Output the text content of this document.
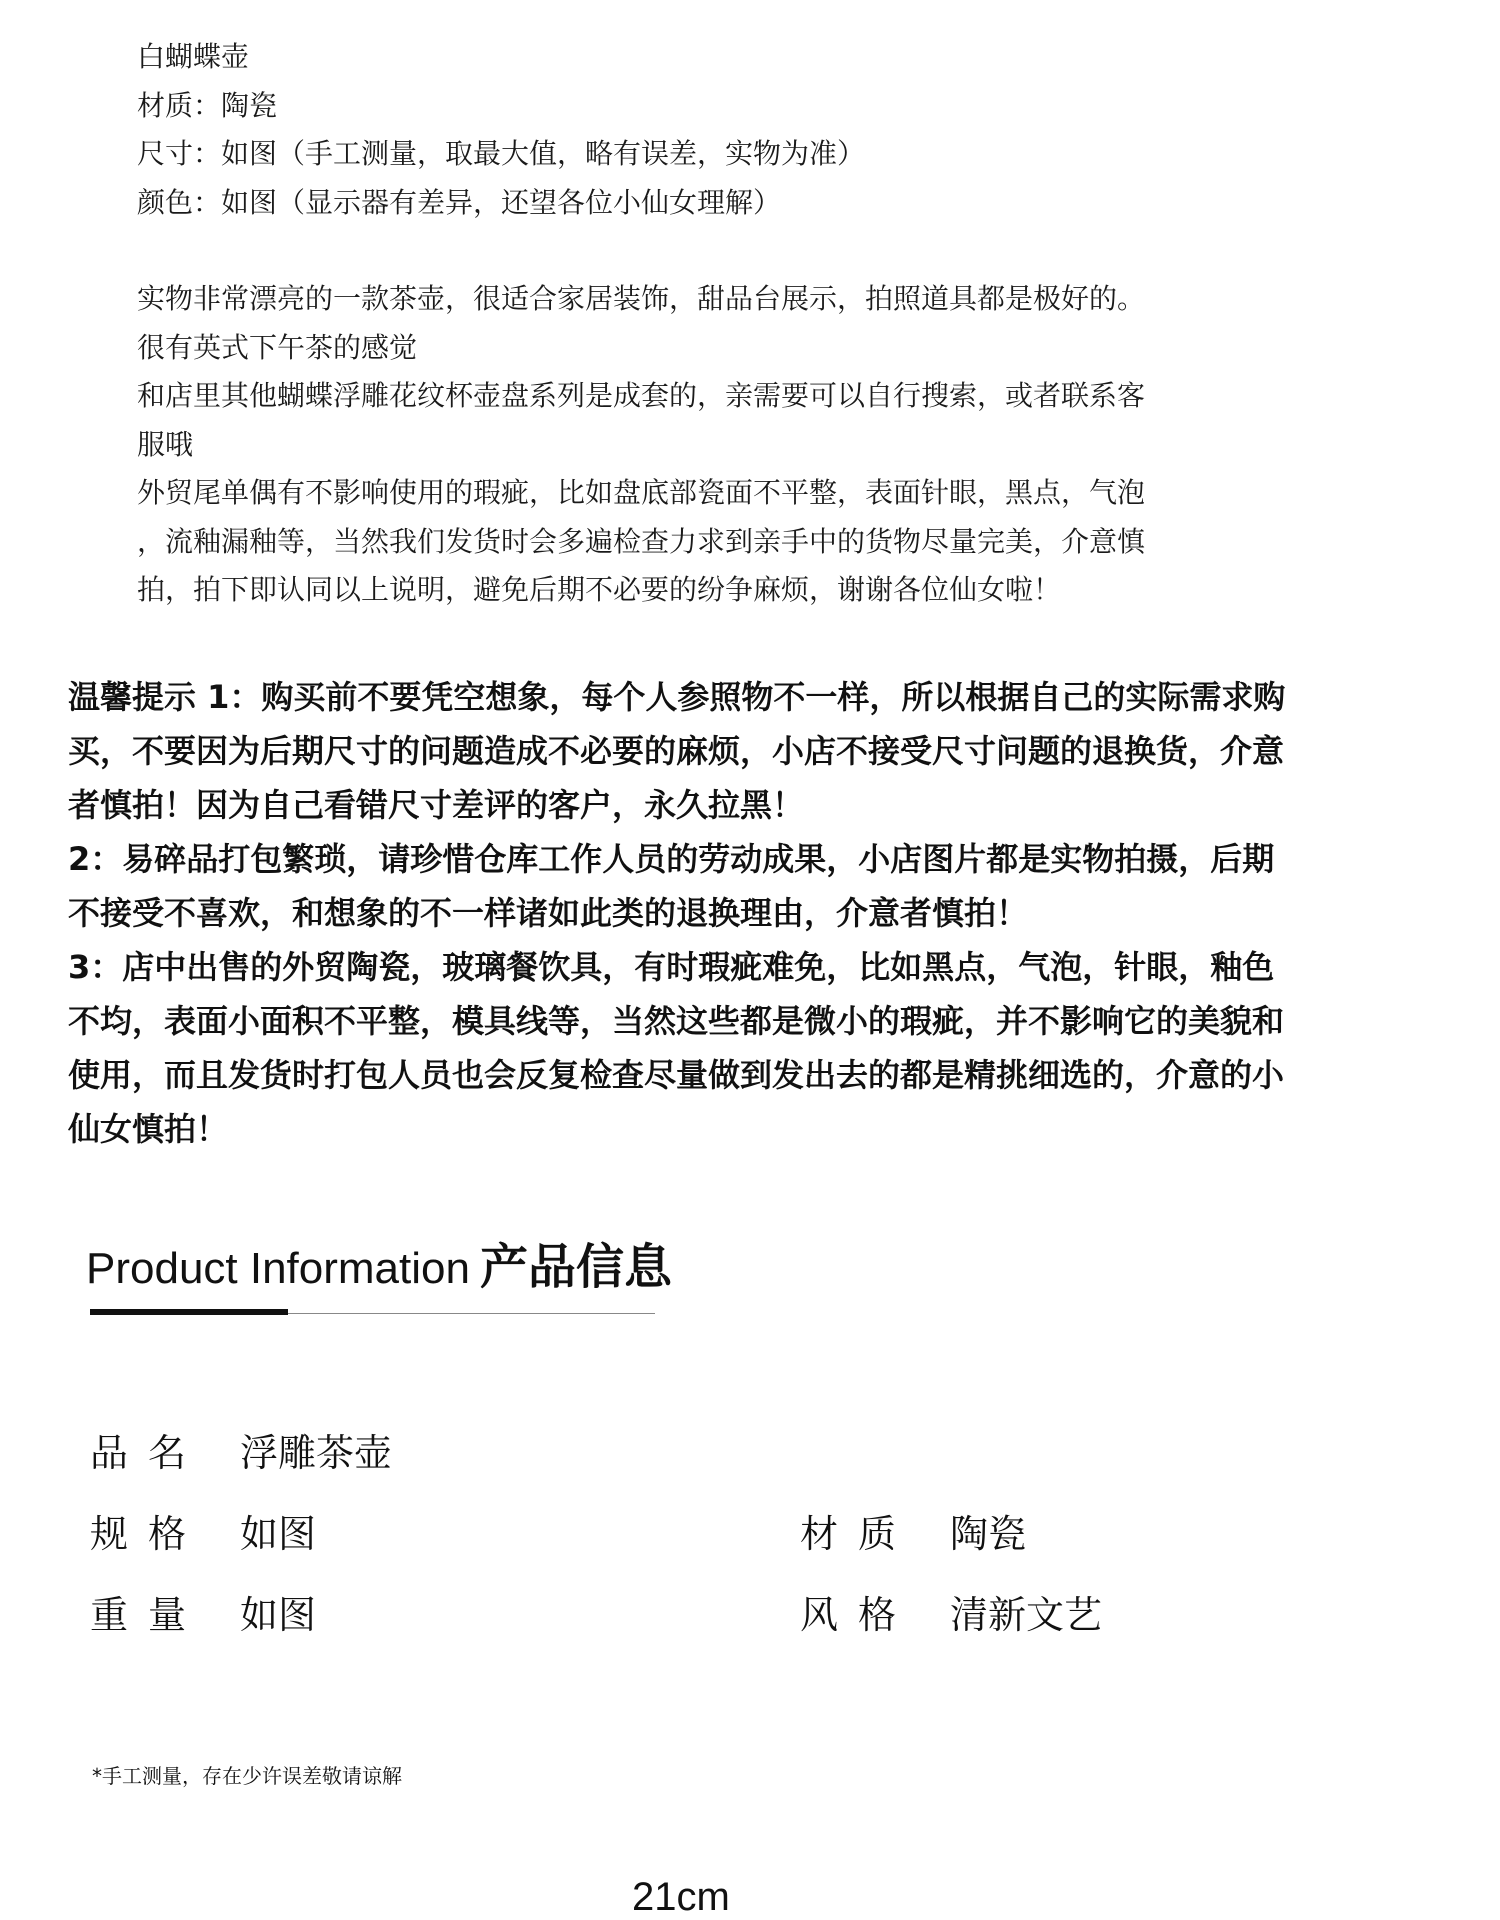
白蝴蝶壶
材质：陶瓷
尺寸：如图（手工测量，取最大值，略有误差，实物为准）
颜色：如图（显示器有差异，还望各位小仙女理解）
实物非常漂亮的一款茶壶，很适合家居装饰，甜品台展示，拍照道具都是极好的。
很有英式下午茶的感觉
和店里其他蝴蝶浮雕花纹杯壶盘系列是成套的，亲需要可以自行搜索，或者联系客
服哦
外贸尾单偶有不影响使用的瑕疵，比如盘底部瓷面不平整，表面针眼，黑点，气泡
，流釉漏釉等，当然我们发货时会多遍检查力求到亲手中的货物尽量完美，介意慎
拍，拍下即认同以上说明，避免后期不必要的纷争麻烦，谢谢各位仙女啦！
温馨提示 1：购买前不要凭空想象，每个人参照物不一样，所以根据自己的实际需求购
买，不要因为后期尺寸的问题造成不必要的麻烦，小店不接受尺寸问题的退换货，介意
者慎拍！因为自己看错尺寸差评的客户，永久拉黑！
2：易碎品打包繁琐，请珍惜仓库工作人员的劳动成果，小店图片都是实物拍摄，后期
不接受不喜欢，和想象的不一样诸如此类的退换理由，介意者慎拍！
3：店中出售的外贸陶瓷，玻璃餐饮具，有时瑕疵难免，比如黑点，气泡，针眼，釉色
不均，表面小面积不平整，模具线等，当然这些都是微小的瑕疵，并不影响它的美貌和
使用，而且发货时打包人员也会反复检查尽量做到发出去的都是精挑细选的，介意的小
仙女慎拍！
Product Information 产品信息
品名 浮雕茶壶
规格 如图	材质 陶瓷
重量 如图	风格 清新文艺
*手工测量，存在少许误差敬请谅解
21cm
